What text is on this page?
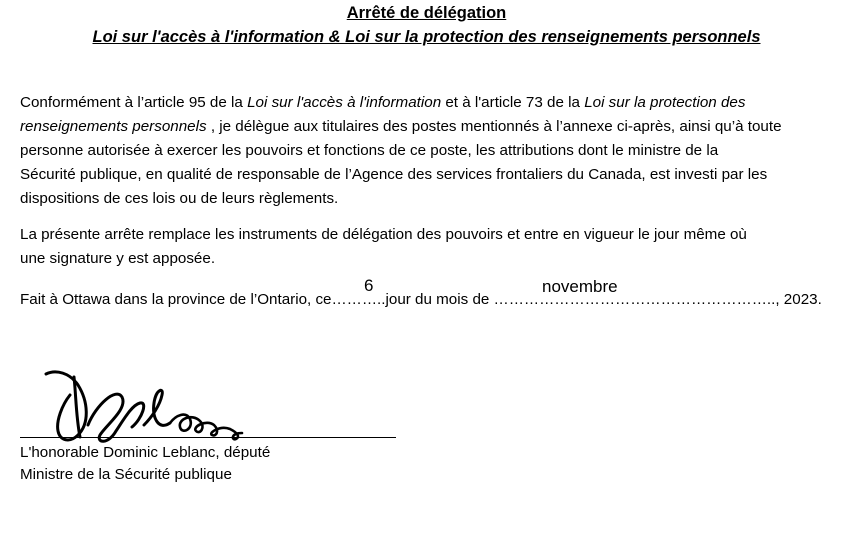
Arrêté de délégation
Loi sur l'accès à l'information & Loi sur la protection des renseignements personnels
Conformément à l’article 95 de la Loi sur l'accès à l'information et à l'article 73 de la Loi sur la protection des
renseignements personnels , je délègue aux titulaires des postes mentionnés à l’annexe ci-après, ainsi qu’à toute
personne autorisée à exercer les pouvoirs et fonctions de ce poste, les attributions dont le ministre de la
Sécurité publique, en qualité de responsable de l’Agence des services frontaliers du Canada, est investi par les
dispositions de ces lois ou de leurs règlements.
La présente arrête remplace les instruments de délégation des pouvoirs et entre en vigueur le jour même où
une signature y est apposée.
6	novembre
Fait à Ottawa dans la province de l’Ontario, ce………..jour du mois de ……………………………………………….., 2023.
L'honorable Dominic Leblanc, député
Ministre de la Sécurité publique
